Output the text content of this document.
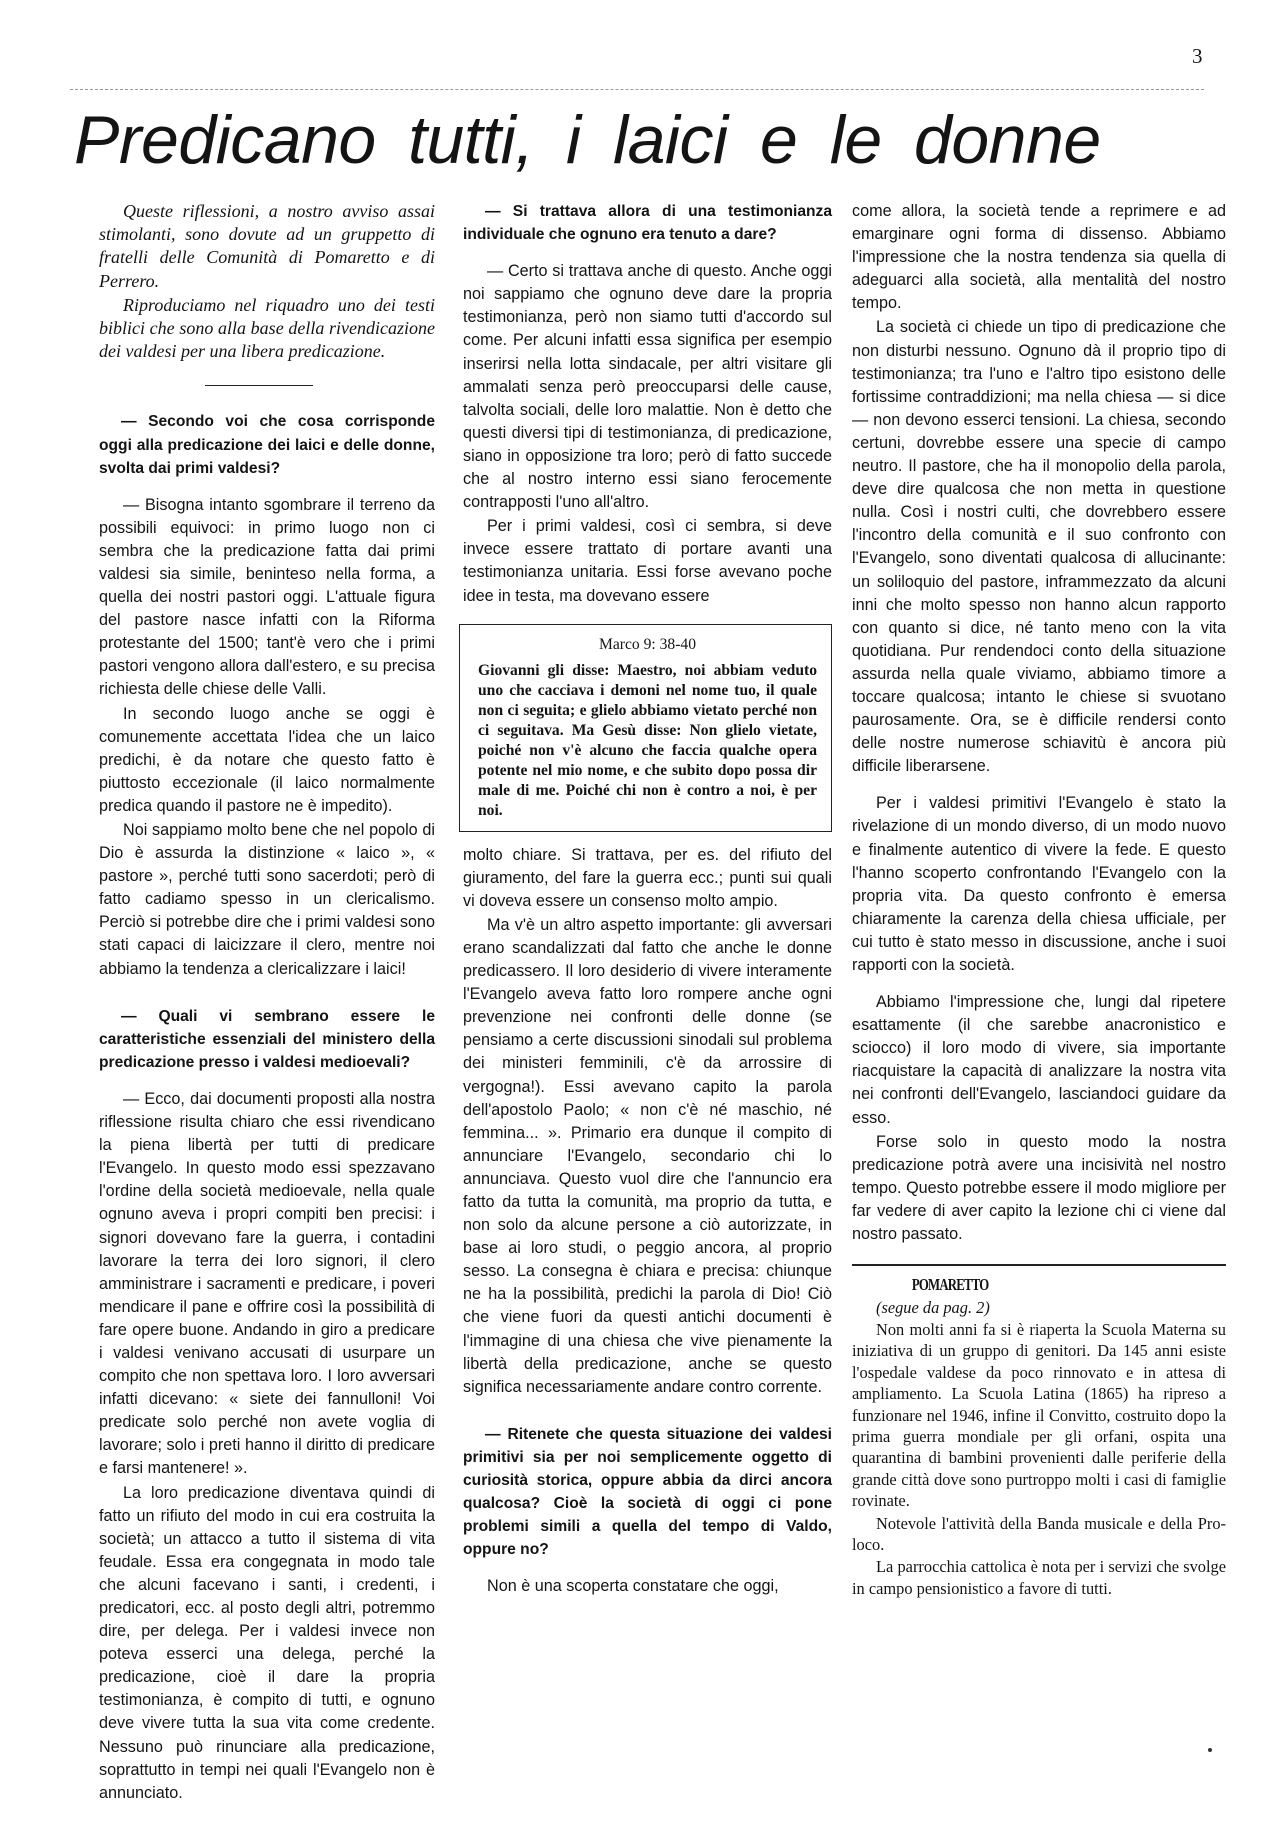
3
Predicano tutti, i laici e le donne

Queste riflessioni, a nostro avviso assai stimolanti, sono dovute ad un gruppetto di fratelli delle Comunità di Pomaretto e di Perrero.

Riproduciamo nel riquadro uno dei testi biblici che sono alla base della rivendicazione dei valdesi per una libera predicazione.

— Secondo voi che cosa corrisponde oggi alla predicazione dei laici e delle donne, svolta dai primi valdesi?

— Bisogna intanto sgombrare il terreno da possibili equivoci: in primo luogo non ci sembra che la predicazione fatta dai primi valdesi sia simile, beninteso nella forma, a quella dei nostri pastori oggi. L'attuale figura del pastore nasce infatti con la Riforma protestante del 1500; tant'è vero che i primi pastori vengono allora dall'estero, e su precisa richiesta delle chiese delle Valli.

In secondo luogo anche se oggi è comunemente accettata l'idea che un laico predichi, è da notare che questo fatto è piuttosto eccezionale (il laico normalmente predica quando il pastore ne è impedito).

Noi sappiamo molto bene che nel popolo di Dio è assurda la distinzione « laico », « pastore », perché tutti sono sacerdoti; però di fatto cadiamo spesso in un clericalismo. Perciò si potrebbe dire che i primi valdesi sono stati capaci di laicizzare il clero, mentre noi abbiamo la tendenza a clericalizzare i laici!

— Quali vi sembrano essere le caratteristiche essenziali del ministero della predicazione presso i valdesi medioevali?

— Ecco, dai documenti proposti alla nostra riflessione risulta chiaro che essi rivendicano la piena libertà per tutti di predicare l'Evangelo. In questo modo essi spezzavano l'ordine della società medioevale, nella quale ognuno aveva i propri compiti ben precisi: i signori dovevano fare la guerra, i contadini lavorare la terra dei loro signori, il clero amministrare i sacramenti e predicare, i poveri mendicare il pane e offrire così la possibilità di fare opere buone. Andando in giro a predicare i valdesi venivano accusati di usurpare un compito che non spettava loro. I loro avversari infatti dicevano: « siete dei fannulloni! Voi predicate solo perché non avete voglia di lavorare; solo i preti hanno il diritto di predicare e farsi mantenere! ».

La loro predicazione diventava quindi di fatto un rifiuto del modo in cui era costruita la società; un attacco a tutto il sistema di vita feudale. Essa era congegnata in modo tale che alcuni facevano i santi, i credenti, i predicatori, ecc. al posto degli altri, potremmo dire, per delega. Per i valdesi invece non poteva esserci una delega, perché la predicazione, cioè il dare la propria testimonianza, è compito di tutti, e ognuno deve vivere tutta la sua vita come credente. Nessuno può rinunciare alla predicazione, soprattutto in tempi nei quali l'Evangelo non è annunciato.

— Si trattava allora di una testimonianza individuale che ognuno era tenuto a dare?

— Certo si trattava anche di questo. Anche oggi noi sappiamo che ognuno deve dare la propria testimonianza, però non siamo tutti d'accordo sul come. Per alcuni infatti essa significa per esempio inserirsi nella lotta sindacale, per altri visitare gli ammalati senza però preoccuparsi delle cause, talvolta sociali, delle loro malattie. Non è detto che questi diversi tipi di testimonianza, di predicazione, siano in opposizione tra loro; però di fatto succede che al nostro interno essi siano ferocemente contrapposti l'uno all'altro.

Per i primi valdesi, così ci sembra, si deve invece essere trattato di portare avanti una testimonianza unitaria. Essi forse avevano poche idee in testa, ma dovevano essere

Marco 9: 38-40

Giovanni gli disse: Maestro, noi abbiam veduto uno che cacciava i demoni nel nome tuo, il quale non ci seguita; e glielo abbiamo vietato perché non ci seguitava. Ma Gesù disse: Non glielo vietate, poiché non v'è alcuno che faccia qualche opera potente nel mio nome, e che subito dopo possa dir male di me. Poiché chi non è contro a noi, è per noi.

molto chiare. Si trattava, per es. del rifiuto del giuramento, del fare la guerra ecc.; punti sui quali vi doveva essere un consenso molto ampio.

Ma v'è un altro aspetto importante: gli avversari erano scandalizzati dal fatto che anche le donne predicassero. Il loro desiderio di vivere interamente l'Evangelo aveva fatto loro rompere anche ogni prevenzione nei confronti delle donne (se pensiamo a certe discussioni sinodali sul problema dei ministeri femminili, c'è da arrossire di vergogna!). Essi avevano capito la parola dell'apostolo Paolo; « non c'è né maschio, né femmina... ». Primario era dunque il compito di annunciare l'Evangelo, secondario chi lo annunciava. Questo vuol dire che l'annuncio era fatto da tutta la comunità, ma proprio da tutta, e non solo da alcune persone a ciò autorizzate, in base ai loro studi, o peggio ancora, al proprio sesso. La consegna è chiara e precisa: chiunque ne ha la possibilità, predichi la parola di Dio! Ciò che viene fuori da questi antichi documenti è l'immagine di una chiesa che vive pienamente la libertà della predicazione, anche se questo significa necessariamente andare contro corrente.

— Ritenete che questa situazione dei valdesi primitivi sia per noi semplicemente oggetto di curiosità storica, oppure abbia da dirci ancora qualcosa? Cioè la società di oggi ci pone problemi simili a quella del tempo di Valdo, oppure no?

Non è una scoperta constatare che oggi,

come allora, la società tende a reprimere e ad emarginare ogni forma di dissenso. Abbiamo l'impressione che la nostra tendenza sia quella di adeguarci alla società, alla mentalità del nostro tempo.

La società ci chiede un tipo di predicazione che non disturbi nessuno. Ognuno dà il proprio tipo di testimonianza; tra l'uno e l'altro tipo esistono delle fortissime contraddizioni; ma nella chiesa — si dice — non devono esserci tensioni. La chiesa, secondo certuni, dovrebbe essere una specie di campo neutro. Il pastore, che ha il monopolio della parola, deve dire qualcosa che non metta in questione nulla. Così i nostri culti, che dovrebbero essere l'incontro della comunità e il suo confronto con l'Evangelo, sono diventati qualcosa di allucinante: un soliloquio del pastore, inframmezzato da alcuni inni che molto spesso non hanno alcun rapporto con quanto si dice, né tanto meno con la vita quotidiana. Pur rendendoci conto della situazione assurda nella quale viviamo, abbiamo timore a toccare qualcosa; intanto le chiese si svuotano paurosamente. Ora, se è difficile rendersi conto delle nostre numerose schiavitù è ancora più difficile liberarsene.

Per i valdesi primitivi l'Evangelo è stato la rivelazione di un mondo diverso, di un modo nuovo e finalmente autentico di vivere la fede. E questo l'hanno scoperto confrontando l'Evangelo con la propria vita. Da questo confronto è emersa chiaramente la carenza della chiesa ufficiale, per cui tutto è stato messo in discussione, anche i suoi rapporti con la società.

Abbiamo l'impressione che, lungi dal ripetere esattamente (il che sarebbe anacronistico e sciocco) il loro modo di vivere, sia importante riacquistare la capacità di analizzare la nostra vita nei confronti dell'Evangelo, lasciandoci guidare da esso.

Forse solo in questo modo la nostra predicazione potrà avere una incisività nel nostro tempo. Questo potrebbe essere il modo migliore per far vedere di aver capito la lezione chi ci viene dal nostro passato.

POMARETTO

(segue da pag. 2)

Non molti anni fa si è riaperta la Scuola Materna su iniziativa di un gruppo di genitori. Da 145 anni esiste l'ospedale valdese da poco rinnovato e in attesa di ampliamento. La Scuola Latina (1865) ha ripreso a funzionare nel 1946, infine il Convitto, costruito dopo la prima guerra mondiale per gli orfani, ospita una quarantina di bambini provenienti dalle periferie della grande città dove sono purtroppo molti i casi di famiglie rovinate.

Notevole l'attività della Banda musicale e della Pro-loco.

La parrocchia cattolica è nota per i servizi che svolge in campo pensionistico a favore di tutti.
